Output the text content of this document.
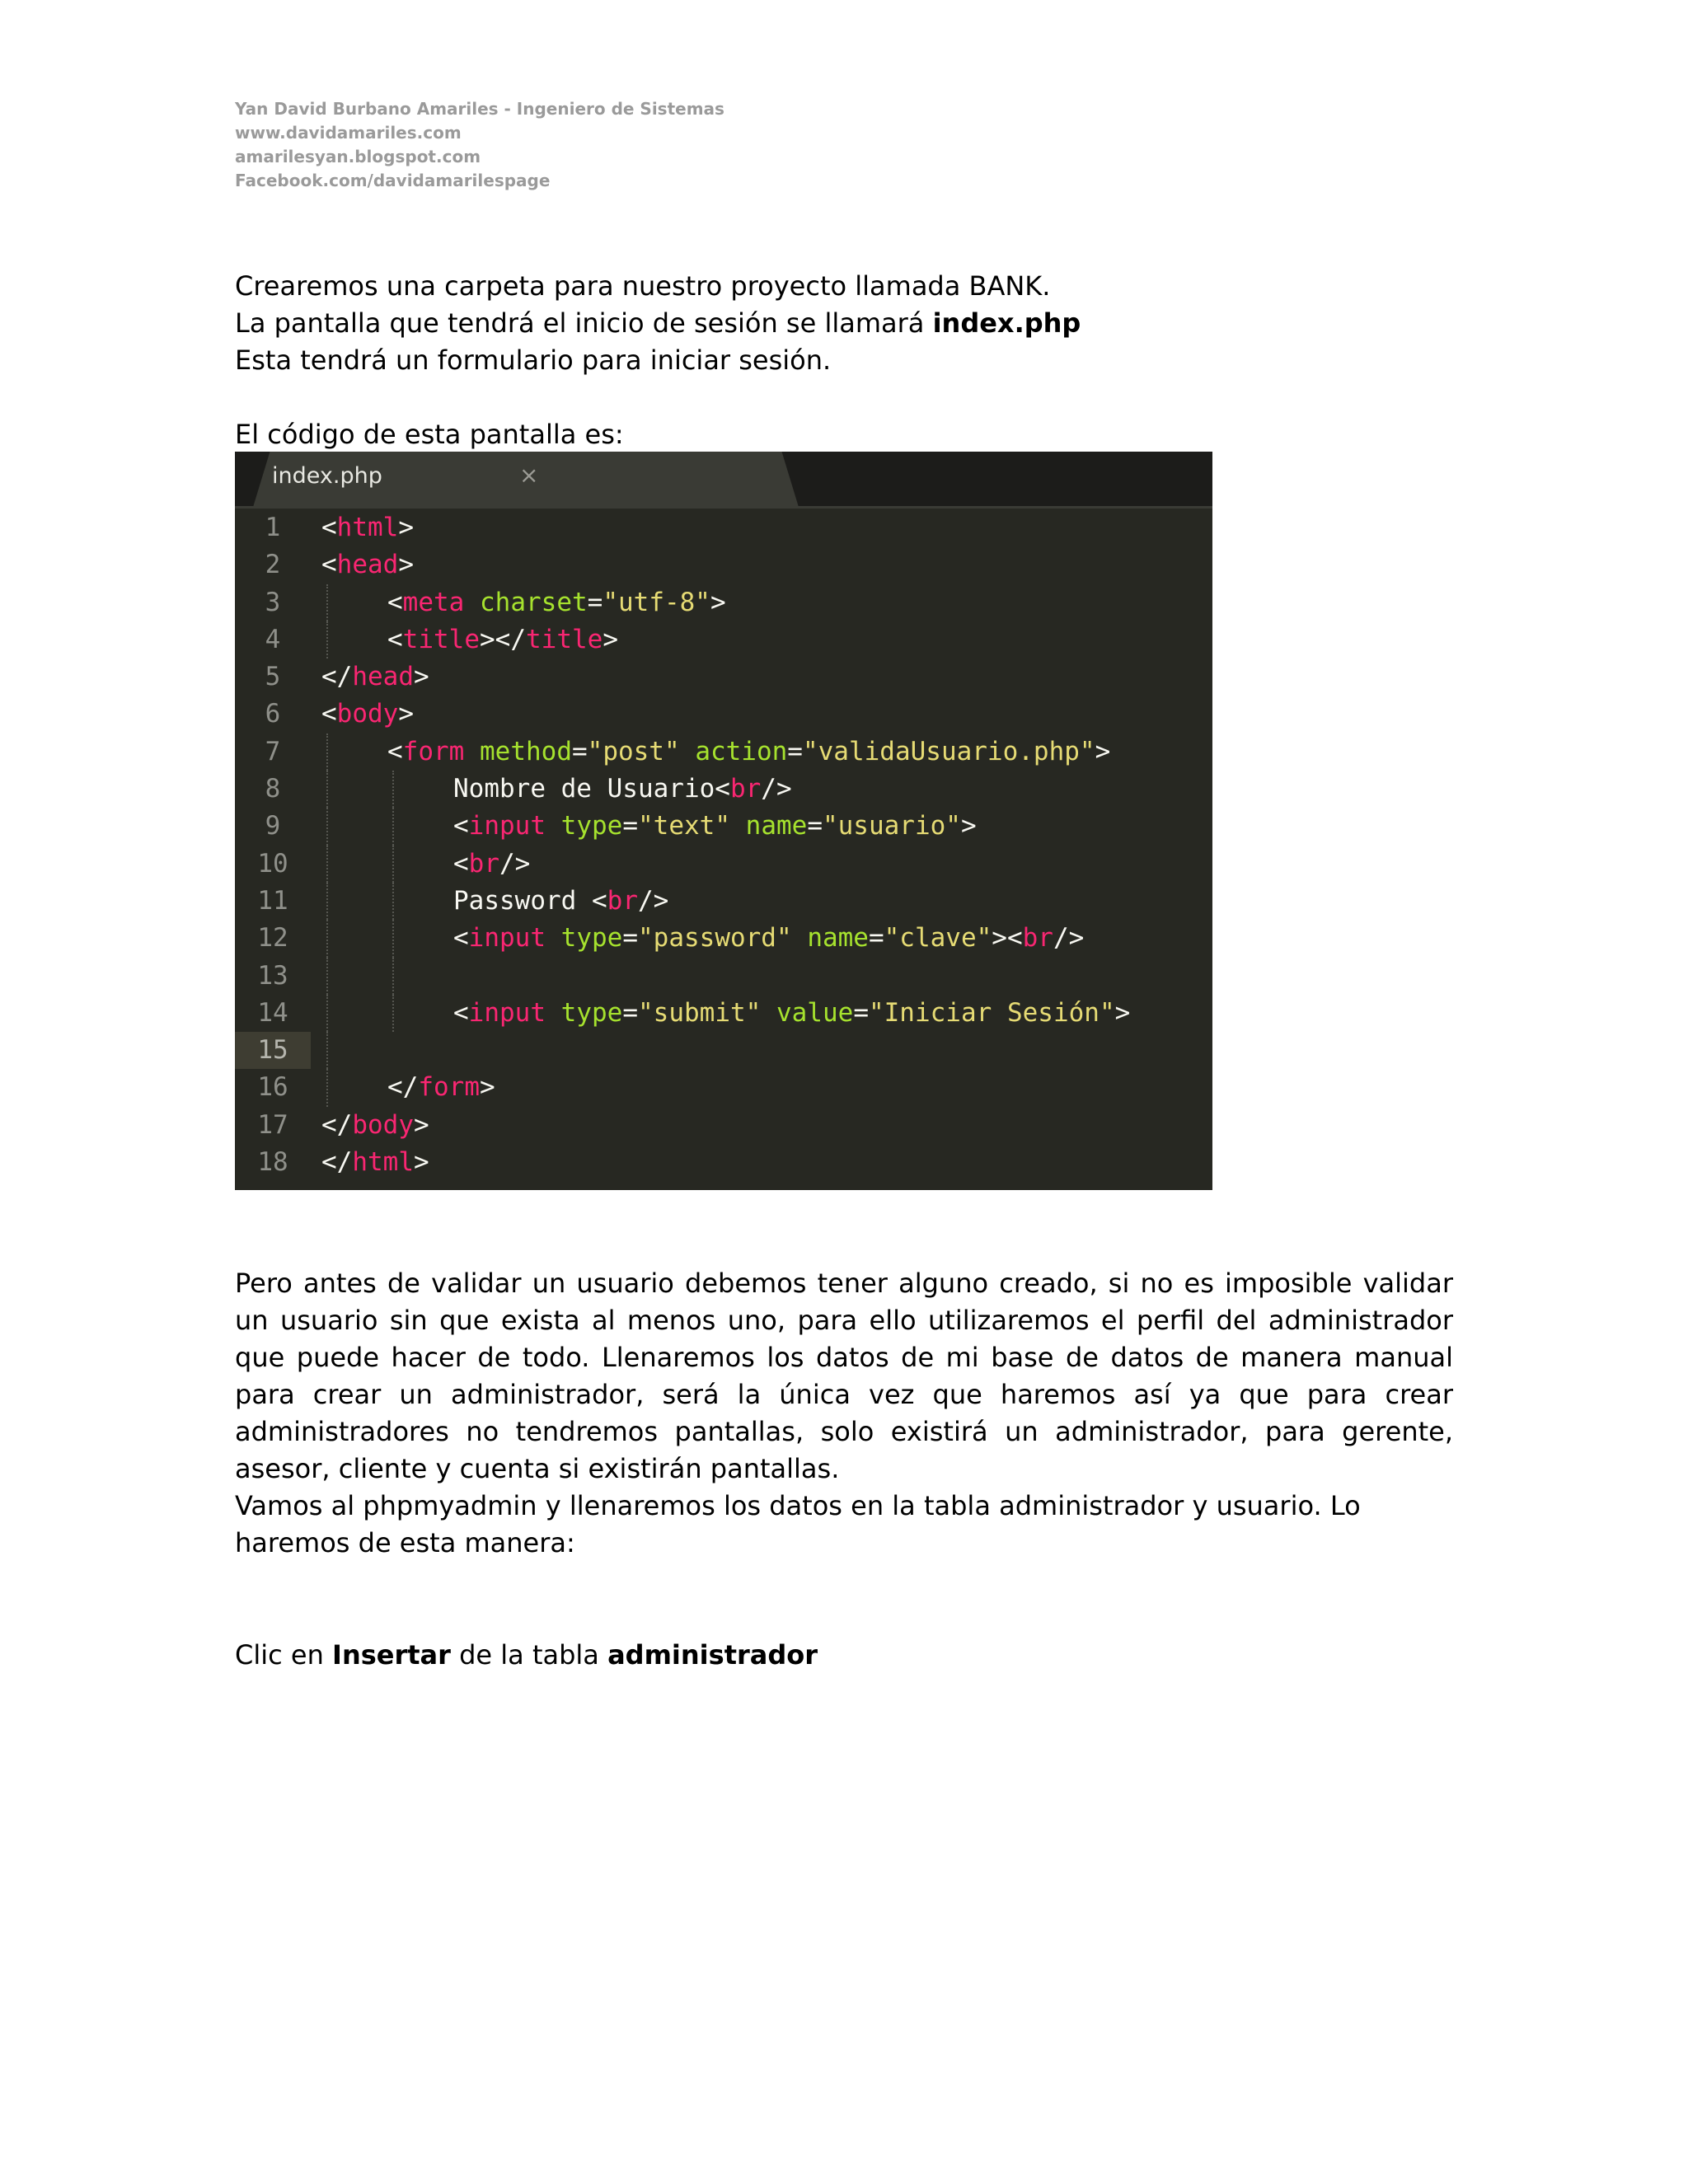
Yan David Burbano Amariles - Ingeniero de Sistemas
www.davidamariles.com
amarilesyan.blogspot.com
Facebook.com/davidamarilespage

Crearemos una carpeta para nuestro proyecto llamada BANK.

La pantalla que tendrá el inicio de sesión se llamará index.php

Esta tendrá un formulario para iniciar sesión.

El código de esta pantalla es:

index.php	×
1
2
3
4
5
6
7
8
9
10
11
12
13
14
15
16
17
18
<html>
<head>
<meta charset="utf-8">
<title></title>
</head>
<body>
<form method="post" action="validaUsuario.php">
Nombre de Usuario<br/>
<input type="text" name="usuario">
<br/>
Password <br/>
<input type="password" name="clave"><br/>
<input type="submit" value="Iniciar Sesión">
</form>
</body>
</html>

Pero antes de validar un usuario debemos tener alguno creado, si no es imposible validar un usuario sin que exista al menos uno, para ello utilizaremos el perfil del administrador que puede hacer de todo. Llenaremos los datos de mi base de datos de manera manual para crear un administrador, será la única vez que haremos así ya que para crear administradores no tendremos pantallas, solo existirá un administrador, para gerente, asesor, cliente y cuenta si existirán pantallas.

Vamos al phpmyadmin y llenaremos los datos en la tabla administrador y usuario. Lo haremos de esta manera:

Clic en Insertar de la tabla administrador
